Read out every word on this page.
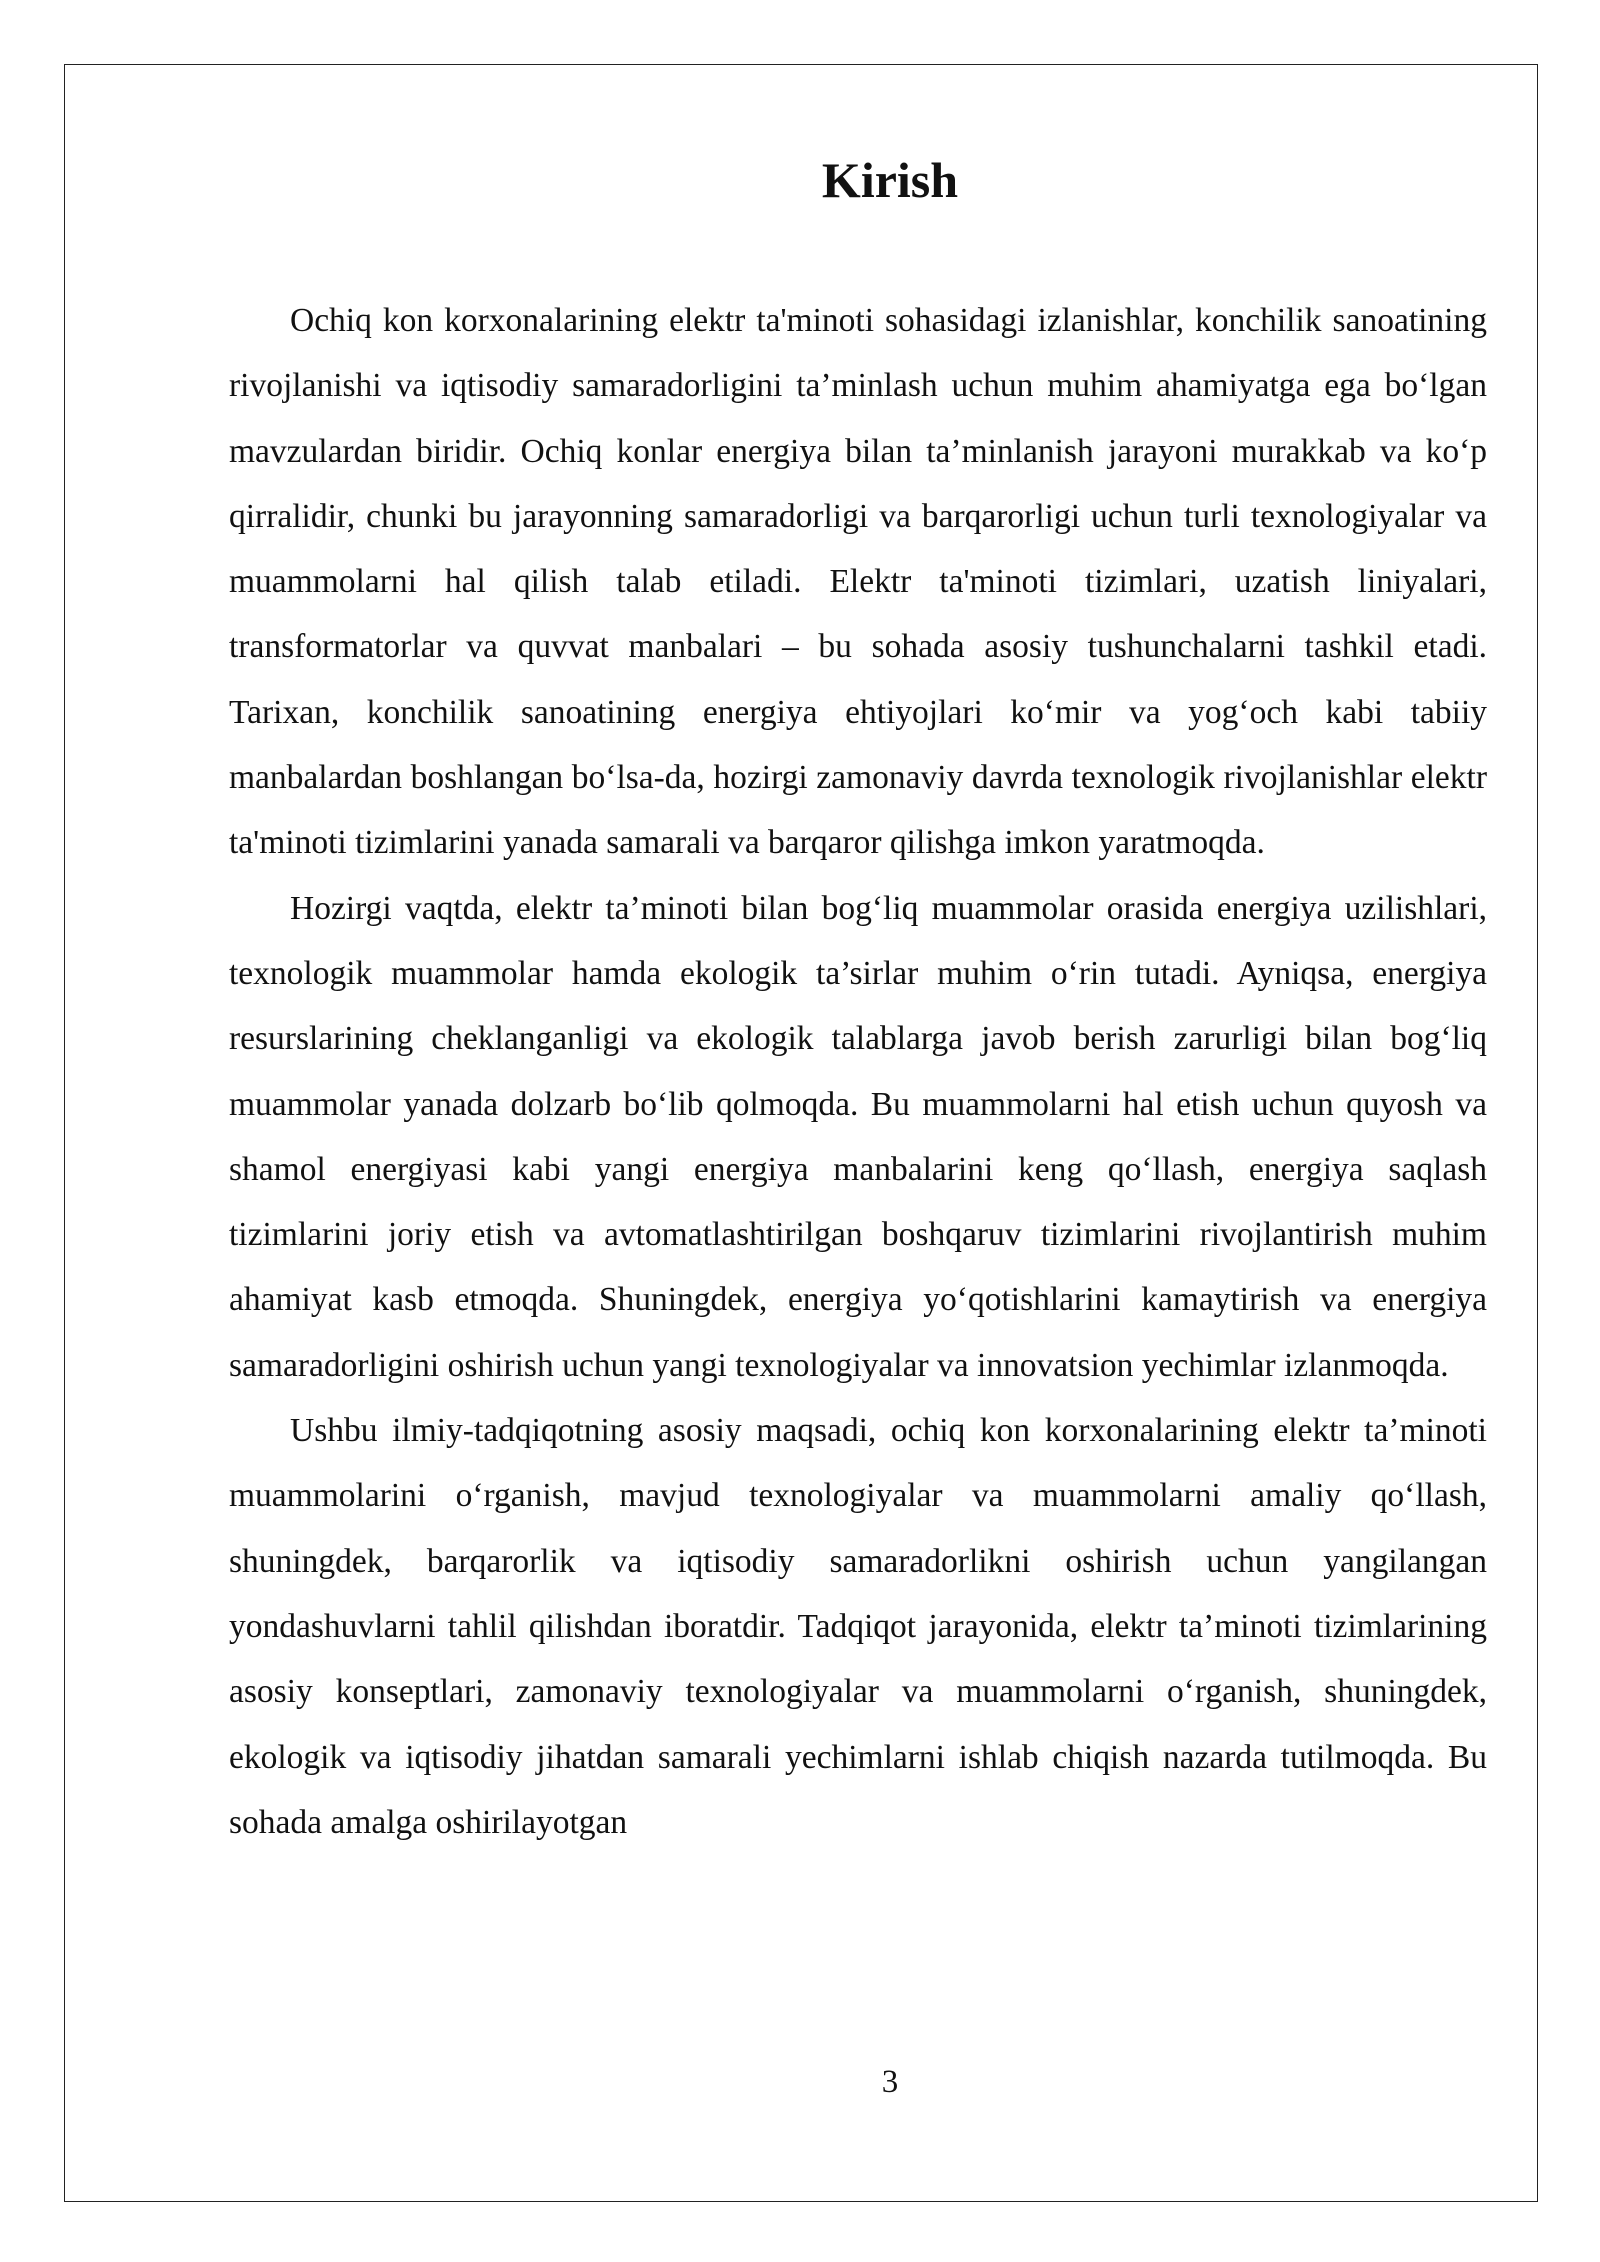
Kirish

Ochiq kon korxonalarining elektr ta'minoti sohasidagi izlanishlar, konchilik sanoatining rivojlanishi va iqtisodiy samaradorligini ta’minlash uchun muhim ahamiyatga ega bo‘lgan mavzulardan biridir. Ochiq konlar energiya bilan ta’minlanish jarayoni murakkab va ko‘p qirralidir, chunki bu jarayonning samaradorligi va barqarorligi uchun turli texnologiyalar va muammolarni hal qilish talab etiladi. Elektr ta'minoti tizimlari, uzatish liniyalari, transformatorlar va quvvat manbalari – bu sohada asosiy tushunchalarni tashkil etadi. Tarixan, konchilik sanoatining energiya ehtiyojlari ko‘mir va yog‘och kabi tabiiy manbalardan boshlangan bo‘lsa-da, hozirgi zamonaviy davrda texnologik rivojlanishlar elektr ta'minoti tizimlarini yanada samarali va barqaror qilishga imkon yaratmoqda.

Hozirgi vaqtda, elektr ta’minoti bilan bog‘liq muammolar orasida energiya uzilishlari, texnologik muammolar hamda ekologik ta’sirlar muhim o‘rin tutadi. Ayniqsa, energiya resurslarining cheklanganligi va ekologik talablarga javob berish zarurligi bilan bog‘liq muammolar yanada dolzarb bo‘lib qolmoqda. Bu muammolarni hal etish uchun quyosh va shamol energiyasi kabi yangi energiya manbalarini keng qo‘llash, energiya saqlash tizimlarini joriy etish va avtomatlashtirilgan boshqaruv tizimlarini rivojlantirish muhim ahamiyat kasb etmoqda. Shuningdek, energiya yo‘qotishlarini kamaytirish va energiya samaradorligini oshirish uchun yangi texnologiyalar va innovatsion yechimlar izlanmoqda.

Ushbu ilmiy-tadqiqotning asosiy maqsadi, ochiq kon korxonalarining elektr ta’minoti muammolarini o‘rganish, mavjud texnologiyalar va muammolarni amaliy qo‘llash, shuningdek, barqarorlik va iqtisodiy samaradorlikni oshirish uchun yangilangan yondashuvlarni tahlil qilishdan iboratdir. Tadqiqot jarayonida, elektr ta’minoti tizimlarining asosiy konseptlari, zamonaviy texnologiyalar va muammolarni o‘rganish, shuningdek, ekologik va iqtisodiy jihatdan samarali yechimlarni ishlab chiqish nazarda tutilmoqda. Bu sohada amalga oshirilayotgan

3
